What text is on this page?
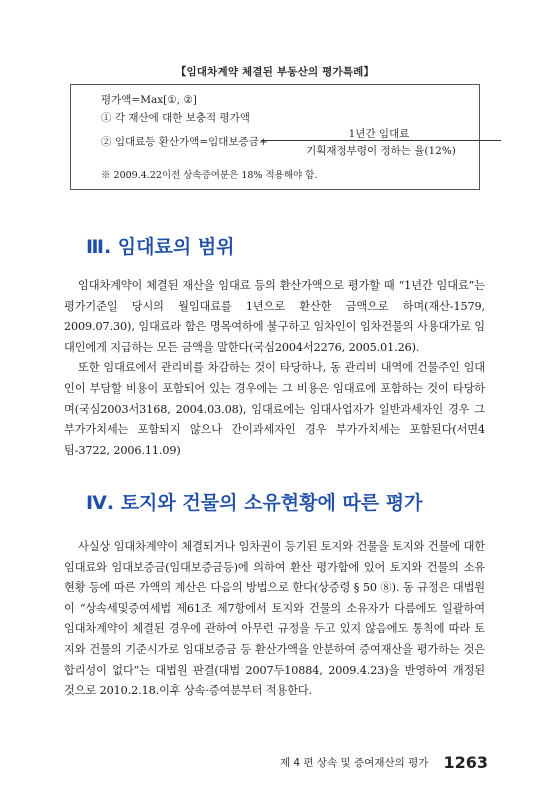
【임대차계약 체결된 부동산의 평가특례】
평가액=Max[①, ②]
① 각 재산에 대한 보충적 평가액
② 임대료등 환산가액=임대보증금+
1년간 임대료
기획재정부령이 정하는 율(12%)
※ 2009.4.22이전 상속증여분은 18% 적용해야 함.
Ⅲ. 임대료의 범위

임대차계약이 체결된 재산을 임대료 등의 환산가액으로 평가할 때 “1년간 임대료”는 평가기준일 당시의 월임대료를 1년으로 환산한 금액으로 하며(재산-1579, 2009.07.30), 임대료라 함은 명목여하에 불구하고 임차인이 임차건물의 사용대가로 임대인에게 지급하는 모든 금액을 말한다(국심2004서2276, 2005.01.26).

또한 임대료에서 관리비를 차감하는 것이 타당하나, 동 관리비 내역에 건물주인 임대인이 부담할 비용이 포함되어 있는 경우에는 그 비용은 임대료에 포함하는 것이 타당하며(국심2003서3168, 2004.03.08), 임대료에는 임대사업자가 일반과세자인 경우 그 부가가치세는 포함되지 않으나 간이과세자인 경우 부가가치세는 포함된다(서면4팀-3722, 2006.11.09)

Ⅳ. 토지와 건물의 소유현황에 따른 평가

사실상 임대차계약이 체결되거나 임차권이 등기된 토지와 건물을 토지와 건물에 대한 임대료와 임대보증금(임대보증금등)에 의하여 환산 평가함에 있어 토지와 건물의 소유현황 등에 따른 가액의 계산은 다음의 방법으로 한다(상증령 § 50 ⑧). 동 규정은 대법원이 “상속세및증여세법 제61조 제7항에서 토지와 건물의 소유자가 다름에도 일괄하여 임대차계약이 체결된 경우에 관하여 아무런 규정을 두고 있지 않음에도 통칙에 따라 토지와 건물의 기준시가로 임대보증금 등 환산가액을 안분하여 증여재산을 평가하는 것은 합리성이 없다”는 대법원 판결(대법 2007두10884, 2009.4.23)을 반영하여 개정된 것으로 2010.2.18.이후 상속·증여분부터 적용한다.

제 4 편 상속 및 증여재산의 평가 1263
